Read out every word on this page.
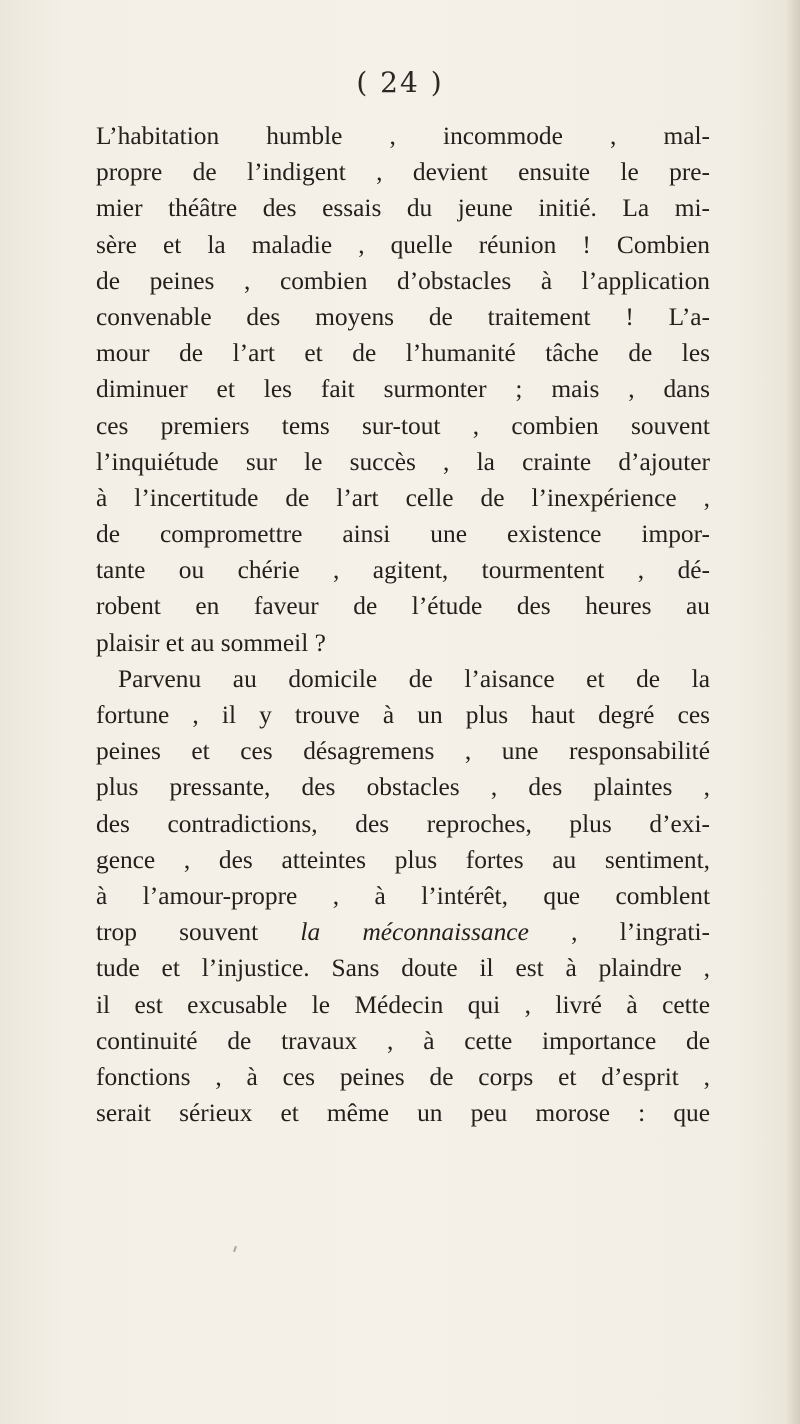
( 24 )
L’habitation humble , incommode , mal-
propre de l’indigent , devient ensuite le pre-
mier théâtre des essais du jeune initié. La mi-
sère et la maladie , quelle réunion ! Combien
de peines , combien d’obstacles à l’application
convenable des moyens de traitement ! L’a-
mour de l’art et de l’humanité tâche de les
diminuer et les fait surmonter ; mais , dans
ces premiers tems sur-tout , combien souvent
l’inquiétude sur le succès , la crainte d’ajouter
à l’incertitude de l’art celle de l’inexpérience ,
de compromettre ainsi une existence impor-
tante ou chérie , agitent, tourmentent , dé-
robent en faveur de l’étude des heures au
plaisir et au sommeil ?
Parvenu au domicile de l’aisance et de la
fortune , il y trouve à un plus haut degré ces
peines et ces désagremens , une responsabilité
plus pressante, des obstacles , des plaintes ,
des contradictions, des reproches, plus d’exi-
gence , des atteintes plus fortes au sentiment,
à l’amour-propre , à l’intérêt, que comblent
trop souvent la méconnaissance , l’ingrati-
tude et l’injustice. Sans doute il est à plaindre ,
il est excusable le Médecin qui , livré à cette
continuité de travaux , à cette importance de
fonctions , à ces peines de corps et d’esprit ,
serait sérieux et même un peu morose : que
